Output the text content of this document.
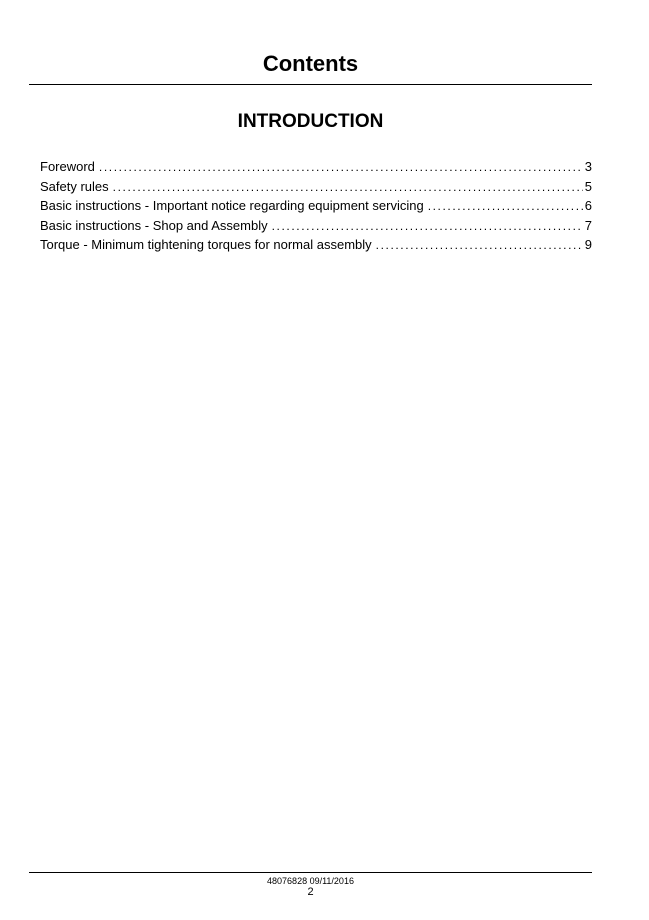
Contents
INTRODUCTION
Foreword .....	3
Safety rules .....	5
Basic instructions - Important notice regarding equipment servicing .....	6
Basic instructions - Shop and Assembly .....	7
Torque - Minimum tightening torques for normal assembly .....	9
48076828 09/11/2016
2
